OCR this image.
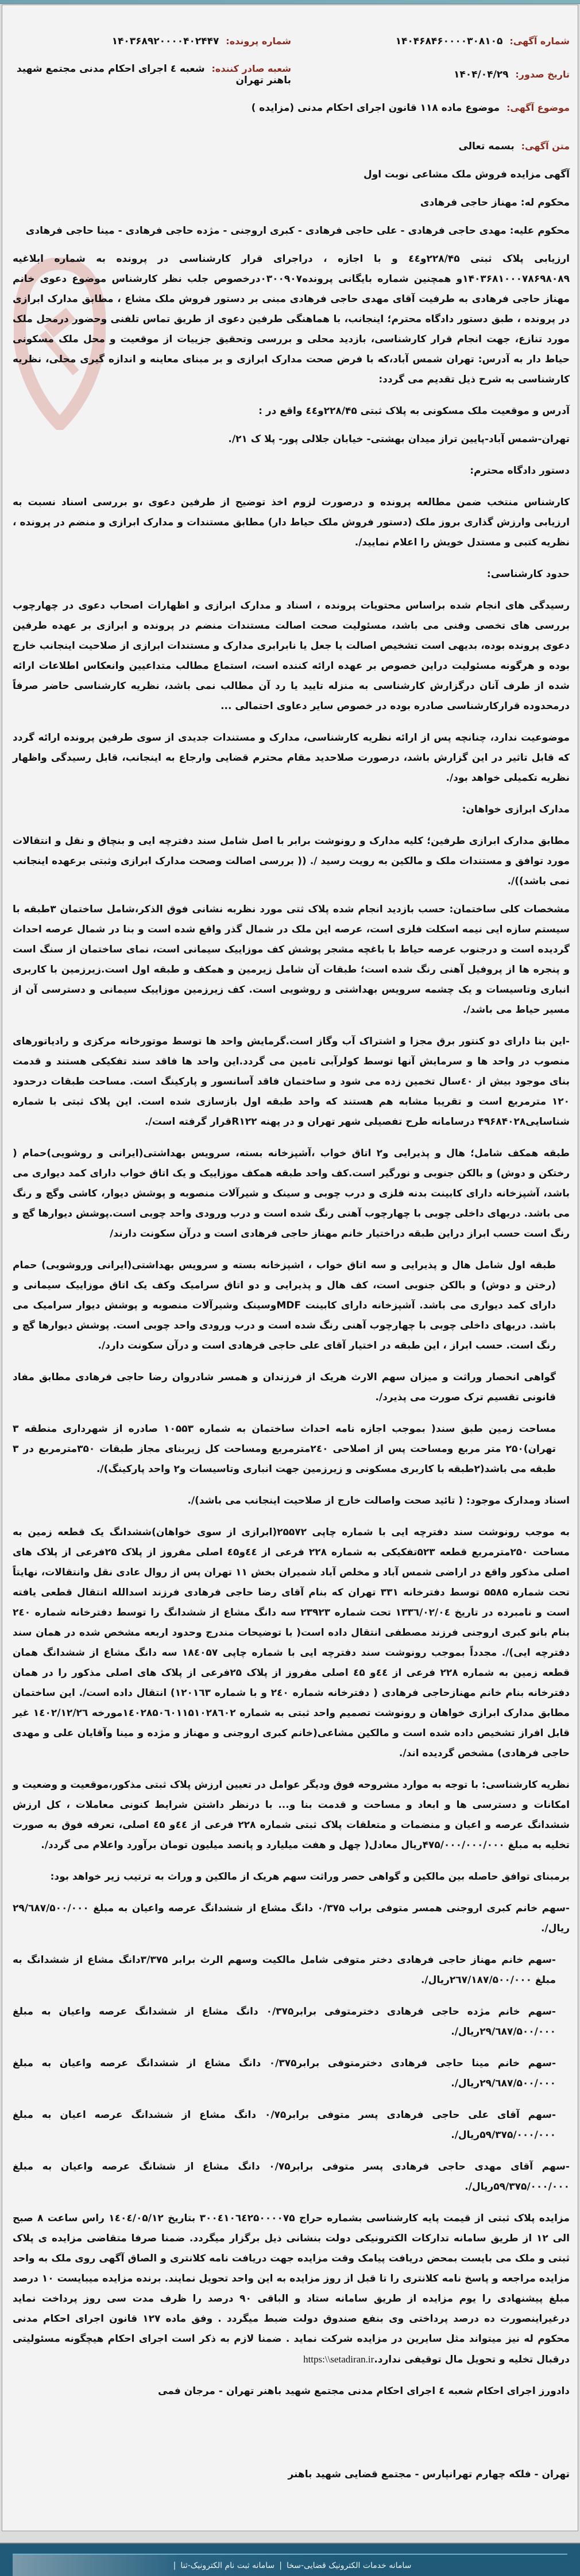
شماره آگهی: ۱۴۰۴۶۸۴۶۰۰۰۰۳۰۸۱۰۵
شماره پرونده: ۱۴۰۳۶۸۹۲۰۰۰۰۴۰۲۴۴۷
تاریخ صدور: ۱۴۰۴/۰۴/۲۹
شعبه صادر کننده: شعبه ٤ اجرای احکام مدنی مجتمع شهید باهنر تهران
موضوع آگهی: موضوع ماده ۱۱۸ قانون اجرای احکام مدنی (مزایده )

متن آگهی: بسمه تعالی

آگهی مزایده فروش ملک مشاعی نوبت اول

محکوم له: مهناز حاجی فرهادی

محکوم علیه: مهدی حاجی فرهادی - علی حاجی فرهادی - کبری اروجنی - مژده حاجی فرهادی - مینا حاجی فرهادی

ارزیابی پلاک ثبتی ۲۲۸/۴۵و٤٤ و با اجازه ، دراجرای قرار کارشناسی در پرونده به شماره ابلاغیه ۱۴۰۳۶۸۱۰۰۰۷۸۶۹۸۰۸۹و همچنین شماره بایگانی پرونده۰۳۰۰۹۰۷درخصوص جلب نظر کارشناس موضوع دعوی خانم مهناز حاجی فرهادی به طرفیت آقای مهدی حاجی فرهادی مبنی بر دستور فروش ملک مشاع ، مطابق مدارک ابرازی در پرونده ، طبق دستور دادگاه محترم؛ اینجانب، با هماهنگی طرفین دعوی از طریق تماس تلفنی وحضور درمحل ملک مورد تنازع، جهت انجام قرار کارشناسی، بازدید محلی و بررسی وتحقیق جزییات از موقعیت و محل ملک مسکونی حیاط دار به آدرس: تهران شمس آباد،که با فرض صحت مدارک ابرازی و بر مبنای معاینه و اندازه گیری محلی، نظریه کارشناسی به شرح ذیل تقدیم می گردد:

آدرس و موقعیت ملک مسکونی به پلاک ثبتی ۲۲۸/۴۵و٤٤ واقع در :

تهران-شمس آباد-پایین تراز میدان بهشتی- خیابان جلالی پور- پلا ک ۲۱/.

دستور دادگاه محترم:

کارشناس منتخب ضمن مطالعه پرونده و درصورت لزوم اخذ توضیح از طرفین دعوی ،و بررسی اسناد نسبت به ارزیابی وارزش گذاری بروز ملک (دستور فروش ملک حیاط دار) مطابق مستندات و مدارک ابرازی و منضم در پرونده ، نظریه کتبی و مستدل خویش را اعلام نمایید/.

حدود کارشناسی:

رسیدگی های انجام شده براساس محتویات پرونده ، اسناد و مدارک ابرازی و اظهارات اصحاب دعوی در چهارچوب بررسی های تخصی وفنی می باشد، مسئولیت صحت اصالت مستندات منضم در پرونده و ابرازی بر عهده طرفین دعوی پرونده بوده، بدیهی است تشخیص اصالت یا جعل یا نابرابری مدارک و مستندات ابرازی از صلاحیت اینجانب خارج بوده و هرگونه مسئولیت دراین خصوص بر عهده ارائه کننده است، استماع مطالب متداعیین وانعکاس اطلاعات ارائه شده از طرف آنان درگزارش کارشناسی به منزله تایید یا رد آن مطالب نمی باشد، نظریه کارشناسی حاضر صرفاً درمحدوده قرارکارشناسی صادره بوده در خصوص سایر دعاوی احتمالی ...

موضوعیت ندارد، چنانچه پس از ارائه نظریه کارشناسی، مدارک و مستندات جدیدی از سوی طرفین پرونده ارائه گردد که قابل تاثیر در این گزارش باشد، درصورت صلاحدید مقام محترم قضایی وارجاع به اینجانب، قابل رسیدگی واظهار نظریه تکمیلی خواهد بود/.

مدارک ابرازی خواهان:

مطابق مدارک ابرازی طرفین؛ کلیه مدارک و رونوشت برابر با اصل شامل سند دفترچه ایی و بنچاق و نقل و انتقالات مورد توافق و مستندات ملک و مالکین به رویت رسید /. (( بررسی اصالت وصحت مدارک ابرازی وثبتی برعهده اینجانب نمی باشد))/.

مشخصات کلی ساختمان: حسب بازدید انجام شده پلاک ثتی مورد نظربه نشانی فوق الذکر،شامل ساختمان ۳طبقه با سیستم سازه ایی نیمه اسکلت فلزی است، عرصه این ملک در شمال گذر واقع شده است و بنا در شمال عرصه احداث گردیده است و درجنوب عرصه حیاط با باغچه مشجر پوشش کف موزاییک سیمانی است، نمای ساختمان از سنگ است و پنجره ها از پروفیل آهنی رنگ شده است؛ طبقات آن شامل زیرمین و همکف و طبقه اول است.زیرزمین با کاربری انباری وتاسیسات و یک چشمه سرویس بهداشتی و روشویی است. کف زیرزمین موزاییک سیمانی و دسترسی آن از مسیر حیاط می باشد/.

-این بنا دارای دو کنتور برق مجزا و اشتراک آب وگاز است.گرمایش واحد ها توسط موتورخانه مرکزی و رادیاتورهای منصوب در واحد ها و سرمایش آنها توسط کولرآبی تامین می گردد.این واحد ها فاقد سند تفکیکی هستند و قدمت بنای موجود بیش از ٤۰سال تخمین زده می شود و ساختمان فاقد آسانسور و پارکینگ است. مساحت طبقات درحدود ۱۲۰ مترمربع است و تقریبا مشابه هم هستند که واحد طبقه اول بازسازی شده است. این پلاک ثبتی با شماره شناسایی۴۹۶۸۴۰۲۸ درسامانه طرح تفصیلی شهر تهران و در پهنه R۱۲۲قرار گرفته است/.

طبقه همکف شامل؛ هال و پذیرایی و۲ اتاق خواب ،آشپزخانه بسته، سرویس بهداشتی(ایرانی و روشویی)حمام ( رختکن و دوش) و بالکن جنوبی و نورگیر است.کف واحد طبقه همکف موزاییک و یک اتاق خواب دارای کمد دیواری می باشد، آشپزخانه دارای کابینت بدنه فلزی و درب چوبی و سینک و شیرآلات منصوبه و پوشش دیوار، کاشی وگچ و رنگ می باشد. دربهای داخلی چوبی با چهارچوب آهنی رنگ شده است و درب ورودی واحد چوبی است.پوشش دیوارها گچ و رنگ است حسب ابراز دراین طبقه دراختیار خانم مهناز حاجی فرهادی است و درآن سکونت دارند/

طبقه اول شامل هال و پذیرایی و سه اتاق خواب ، اشپزخانه بسته و سرویس بهداشتی(ایرانی وروشویی) حمام (رختن و دوش) و بالکن جنوبی است، کف هال و پذیرایی و دو اتاق سرامیک وکف یک اتاق موزاییک سیمانی و دارای کمد دیواری می باشد. آشپزخانه دارای کابینت MDFوسینک وشیرآلات منصوبه و پوشش دیوار سرامیک می باشد. دربهای داخلی چوبی با چهارچوب آهنی رنگ شده است و درب ورودی واحد چوبی است. پوشش دیوارها گچ و رنگ است. حسب ابراز ، این طبقه در اختیار آقای علی حاجی فرهادی است و درآن سکونت دارد/.

گواهی انحصار وراثت و میزان سهم الارث هریک از فرزندان و همسر شادروان رضا حاجی فرهادی مطابق مفاد قانونی تقسیم ترک صورت می پذیرد/.

مساحت زمین طبق سند( بموجب اجازه نامه احداث ساختمان به شماره ۱۰۵۵۳ صادره از شهرداری منطقه ۳ تهران)۲۵۰ متر مربع ومساحت پس از اصلاحی ۲٤۰مترمربع ومساحت کل زیربنای مجاز طبقات ۳۵۰مترمربع در ۳ طبقه می باشد(۲طبقه با کاربری مسکونی و زیرزمین جهت انباری وتاسیسات و۲ واحد پارکینگ)/.

اسناد ومدارک موجود: ( تائید صحت واصالت خارج از صلاحیت اینجانب می باشد)/.

به موجب رونوشت سند دفترچه ایی با شماره چاپی ۲۵۵۷۲(ابرازی از سوی خواهان)ششدانگ یک قطعه زمین به مساحت ۲۵۰مترمربع قطعه ۵۲۳تفکیکی به شماره ۲۲۸ فرعی از ٤٤و٤۵ اصلی مفروز از پلاک ۲۵فرعی از پلاک های اصلی مذکور واقع در اراضی شمس آباد و مخلص آباد شمیران بخش ۱۱ تهران پس از روال عادی نقل وانتقالات، نهایتاً تحت شماره ۵۵۸۵ توسط دفترخانه ۳۳۱ تهران که بنام آقای رضا حاجی فرهادی فرزند اسدالله انتقال قطعی یافته است و نامبرده در تاریخ ۱۳۳٦/۰۲/۰٤ تحت شماره ۲۳۹۲۳ سه دانگ مشاع از ششدانگ را توسط دفترخانه شماره ۲٤۰ بنام بانو کبری اروجنی فرزند مصطفی انتقال داده است( با توضیحات مندرج وحدود اربعه مشخص شده در همان سند دفترچه ایی)/. مجدداً بموجب رونوشت سند دفترچه ایی با شماره چاپی ۱۸٤۰۵۷ سه دانگ مشاع از ششدانگ همان قطعه زمین به شماره ۲۲۸ فرعی از ٤٤و ٤۵ اصلی مفروز از پلاک ۲۵فرعی از پلاک های اصلی مذکور را در همان دفترخانه بنام خانم مهنازحاجی فرهادی ( دفترخانه شماره ۲٤۰ و با شماره ۱۲۰۱٦۳) انتقال داده است/. این ساختمان مطابق مدارک ابرازی خواهان و رونوشت تصمیم واحد ثبتی به شماره ۱٤۰۲۸۵۰٦۰۱۱۵۱۰۲۸٦۰۲مورخه ۱٤۰۲/۱۲/۲٦ غیر قابل افراز تشخیص داده شده است و مالکین مشاعی(خانم کبری اروجنی و مهناز و مژده و مینا وآقایان علی و مهدی حاجی فرهادی) مشخص گردیده اند/.

نظریه کارشناسی: با توجه به موارد مشروحه فوق ودیگر عوامل در تعیین ارزش پلاک ثبتی مذکور،موقعیت و وضعیت و امکانات و دسترسی ها و ابعاد و مساحت و قدمت بنا و... با درنظر داشتن شرایط کنونی معاملات ، کل ارزش ششدانگ عرصه و اعیان و منضمات و متعلقات پلاک ثبتی شماره ۲۲۸ فرعی از ٤٤و ٤۵ اصلی، تعرفه فوق به صورت تخلیه به مبلغ ۴۷۵/۰۰۰/۰۰۰/۰۰۰ریال معادل( چهل و هفت میلیارد و پانصد میلیون تومان برآورد واعلام می گردد/.

برمبنای توافق حاصله بین مالکین و گواهی حصر وراثت سهم هریک از مالکین و وراث به ترتیب زیر خواهد بود:

-سهم خانم کبری اروجنی همسر متوفی براب ۰/۳۷۵ دانگ مشاع از ششدانگ عرصه واعیان به مبلغ ۲۹/٦۸۷/۵۰۰/۰۰۰ ریال/.

-سهم خانم مهناز حاجی فرهادی دختر متوفی شامل مالکیت وسهم الرث برابر ۳/۳۷۵دانگ مشاع از ششدانگ به مبلغ ۲٦۷/۱۸۷/۵۰۰/۰۰۰ریال/.

-سهم خانم مژده حاجی فرهادی دخترمتوفی برابر۰/۳۷۵ دانگ مشاع از ششدانگ عرصه واعیان به مبلغ ۲۹/٦۸۷/۵۰۰/۰۰۰ریال/.

-سهم خانم مینا حاجی فرهادی دخترمتوفی برابر۰/۳۷۵ دانگ مشاع از ششدانگ عرصه واعیان به مبلغ ۲۹/٦۸۷/۵۰۰/۰۰۰ریال/.

-سهم آقای علی حاجی فرهادی پسر متوفی برابر۰/۷۵ دانگ مشاع از ششدانگ عرصه اعیان به مبلغ ۵۹/۳۷۵/۰۰۰/۰۰۰ریال/.

-سهم آقای مهدی حاجی فرهادی پسر متوفی برابر۰/۷۵ دانگ مشاع از ششانگ عرصه واعیان به مبلغ ۵۹/۳۷۵/۰۰۰/۰۰۰ریال/.

مزایده پلاک ثبتی از قیمت پایه کارشناسی بشماره حراج ۳۰۰٤۱۰٦٤۲۵۰۰۰۰۷۵ بتاریخ ۱٤۰٤/۰۵/۱۲ راس ساعت ۸ صبح الی ۱۲ از طریق سامانه تدارکات الکترونیکی دولت بنشانی ذیل برگزار میگردد. ضمنا صرفا متقاضی مزایده ی پلاک ثبتی و ملک می بایست بمحض دریافت پیامک وقت مزایده جهت دریافت نامه کلانتری و الصاق آگهی روی ملک به واحد مزایده مراجعه و پاسخ نامه کلانتری را تا قبل از روز مزایده به این واحد تحویل نمایند. برنده مزایده میبایست ۱۰ درصد مبلغ پیشنهادی را یوم مزایده از طریق سامانه ستاد و الباقی ۹۰ درصد را ظرف مدت سی روز پرداخت نماید درغیراینصورت ده درصد پرداختی وی بنفع صندوق دولت ضبط میگردد . وفق ماده ۱۲۷ قانون اجرای احکام مدنی محکوم له نیز میتواند مثل سایرین در مزایده شرکت نماید . ضمنا لازم به ذکر است اجرای احکام هیچگونه مسئولیتی درقبال تخلیه و تحویل مال توقیفی ندارد.https:\\setadiran.ir

دادورز اجرای احکام شعبه ٤ اجرای احکام مدنی مجتمع شهید باهنر تهران - مرجان فمی

تهران - فلکه چهارم تهرانپارس - مجتمع قضایی شهید باهنر

سامانه خدمات الکترونیک قضایی-سخا
|
سامانه ثبت نام الکترونیک-ثنا
|
